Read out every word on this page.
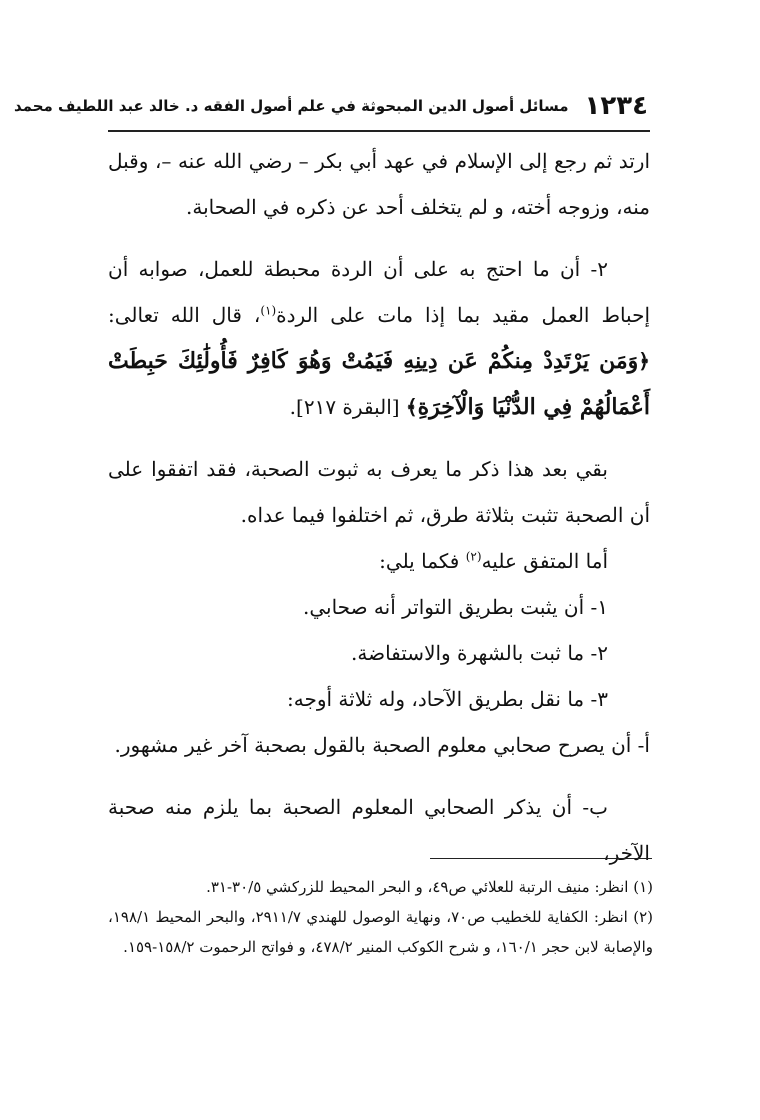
١٢٣٤
مسائل أصول الدين المبحوثة في علم أصول الفقه د. خالد عبد اللطيف محمد

ارتد ثم رجع إلى الإسلام في عهد أبي بكر – رضي الله عنه –، وقبل منه، وزوجه أخته، و لم يتخلف أحد عن ذكره في الصحابة.

٢- أن ما احتج به على أن الردة محبطة للعمل، صوابه أن إحباط العمل مقيد بما إذا مات على الردة$^{(١)}$، قال الله تعالى: ﴿وَمَن يَرْتَدِدْ مِنكُمْ عَن دِينِهِ فَيَمُتْ وَهُوَ كَافِرٌ فَأُولَٰئِكَ حَبِطَتْ أَعْمَالُهُمْ فِي الدُّنْيَا وَالْآخِرَةِ﴾ [البقرة ٢١٧].

بقي بعد هذا ذكر ما يعرف به ثبوت الصحبة، فقد اتفقوا على أن الصحبة تثبت بثلاثة طرق، ثم اختلفوا فيما عداه.

أما المتفق عليه$^{(٢)}$ فكما يلي:

١- أن يثبت بطريق التواتر أنه صحابي.

٢- ما ثبت بالشهرة والاستفاضة.

٣- ما نقل بطريق الآحاد، وله ثلاثة أوجه:

أ- أن يصرح صحابي معلوم الصحبة بالقول بصحبة آخر غير مشهور.

ب- أن يذكر الصحابي المعلوم الصحبة بما يلزم منه صحبة الآخر،

(١) انظر: منيف الرتبة للعلائي ص٤٩، و البحر المحيط للزركشي ٣٠/٥-٣١.

(٢) انظر: الكفاية للخطيب ص٧٠، ونهاية الوصول للهندي ٢٩١١/٧، والبحر المحيط ١٩٨/١، والإصابة لابن حجر ١٦٠/١، و شرح الكوكب المنير ٤٧٨/٢، و فواتح الرحموت ١٥٨/٢-١٥٩.
